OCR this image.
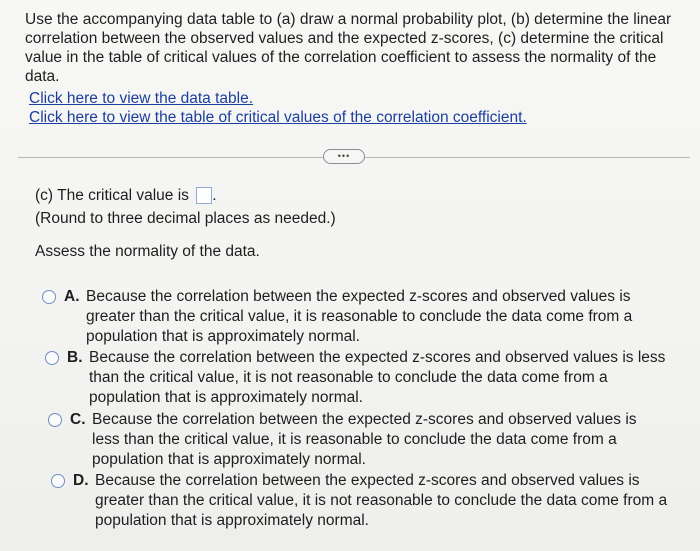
Use the accompanying data table to (a) draw a normal probability plot, (b) determine the linear correlation between the observed values and the expected z-scores, (c) determine the critical value in the table of critical values of the correlation coefficient to assess the normality of the data.
Click here to view the data table.
Click here to view the table of critical values of the correlation coefficient.
•••
(c) The critical value is .
(Round to three decimal places as needed.)
Assess the normality of the data.
A. Because the correlation between the expected z-scores and observed values is greater than the critical value, it is reasonable to conclude the data come from a population that is approximately normal.
B. Because the correlation between the expected z-scores and observed values is less than the critical value, it is not reasonable to conclude the data come from a population that is approximately normal.
C. Because the correlation between the expected z-scores and observed values is less than the critical value, it is reasonable to conclude the data come from a population that is approximately normal.
D. Because the correlation between the expected z-scores and observed values is greater than the critical value, it is not reasonable to conclude the data come from a population that is approximately normal.
